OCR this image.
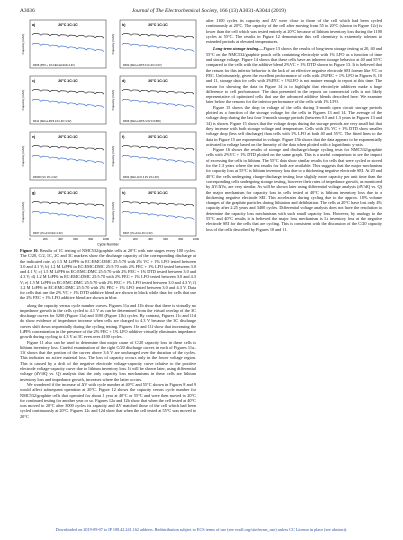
A3036	Journal of The Electrochemical Society, 166 (13) A3031-A3044 (2019)
Capacity (mAh)
20°C 1C:1C
a)
RF06 (PP2 + 1% FEC-ELSCE 4.3V)
Capacity (mAh)
20°C 1C:1C
b)
RF02 (FEC+LiPF6 1% LFO 2.6V)
Capacity (mAh)
20°C 1C:1C
c)
RF11 (FEC+LiPF6 1% LFO 4.3V)
Capacity (mAh)
20°C 1C:1C
d)
RF06 (FEC+LiPF6 4.3V 1% BW)
Capacity (mAh)
20°C 1C:1C
e)
RF000 (VC 1% 4.3V)
Capacity (mAh)
20°C 1C:1C
f)
RF04 (FEC-LFO 4.3V 1% LFO)
Capacity (mAh)
20°C 1C:1C
g)
RF07 (VC+1% FEC 4.3V)
0	200	400	600	800	1000
Capacity (mAh)
20°C 1C:1C
h)
RF07 (VC+1% LFO 4.3V)
0	200	400	600	800	1000
Cycle Number
Figure 10. Results of 1C testing of NMC532/graphite cells at 20°C with rate stages every 100 cycles. The C/20, C/2, 1C, 2C and 3C markers show the discharge capacity of the corresponding discharge at the indicated rate. a) 1.5 M LiPF6 in EC:EMC:DMC 25:5:70 with 2% VC + 1% LFO tested between 3.0 and 4.1 V; b) 1.2 M LiPF6 in EC:EMC:DMC 25:5:70 with 2% FEC + 1% LFO tested between 3.0 and 4.1 V; c) 1.5 M LiPF6 in EC:EMC:DMC 25:5:70 with 2% FEC + 1% DTD tested between 3.0 and 4.3 V; d) 1.2 M LiPF6 in EC:EMC:DMC 25:5:70 with 2% FEC + 1% LFO tested between 3.0 and 4.3 V; e) 1.5 M LiPF6 in EC:EMC:DMC 25:5:70 with 2% FEC + 1% LFO tested between 3.0 and 4.3 V; f) 1.2 M LiPF6 in EC:EMC:DMC 25:5:70 with 2% PEC + 1% LFO tested between 3.0 and 4.3 V. Data for cells that use the 2% VC + 1% DTD additive blend are shown in black while data for cells that use the 2% FEC + 1% LFO additive blend are shown in blue.

along the capacity versus cycle number curves. Figures 11a and 11b show that there is virtually no impedance growth in the cells cycled to 4.1 V as can be determined from the virtual overlap of the 3C discharge curves for 5200 (Figure 11a) and 3100 (Figure 11b) cycles. By contrast, Figures 11c and 11d do show evidence of impedance increase when cells are charged to 4.3 V because the 3C discharge curves shift down sequentially during the cycling testing. Figures 11e and 11f show that increasing the LiPF6 concentration in the presence of the 2% FEC + 1% LFO additive virtually eliminates impedance growth during cycling to 4.3 V at 3C even over 4100 cycles.

Figure 11 also can be used to determine that major cause of C/20 capacity loss in these cells is lithium inventory loss. Careful examination of the right C/20 discharge curves in each of Figures 11a–11f shows that the portion of the curves above 3.6 V are unchanged over the duration of the cycles. This indicates no active material loss. The loss of capacity occurs only in the lower voltage region. This is caused by a drift of the negative electrode voltage-capacity curve relative to the positive electrode voltage-capacity curve due to lithium inventory loss. It will be shown later, using differential voltage (dV/dQ vs. Q) analysis that the only capacity loss mechanisms in these cells are lithium inventory loss and impedance growth, increases where the latter occurs.

We wondered if the increase of ΔV with cycle number at 40°C and 55°C shown in Figures 8 and 9 would affect subsequent operation at 20°C. Figure 12 shows the capacity versus cycle number for NMC532/graphite cells that operated for about 1 year at 40°C or 55°C and were then moved to 20°C for continued testing for another year or so. Figures 12a and 12b show that when the cell tested at 40°C was moved to 20°C after 3000 cycles its capacity and ΔV matched those of the cell which had been cycled continuously at 20°C. Figures 12c and 12d show that when the cell tested at 55°C was moved to 20°C

after 1100 cycles its capacity and ΔV were close to those of the cell which had been cycled continuously at 20°C. The capacity of the cell after moving from 55 to 20°C (shown in Figure 12c) is lower than the cell which was tested entirely at 20°C because of lithium inventory loss during the 1100 cycles at 55°C. The results in Figure 12 demonstrate this cell chemistry is extremely tolerant to extended periods at elevated temperatures.

Long-term storage testing.—Figure 13 shows the results of long-term storage testing at 20, 40 and 55°C on the NMC532/graphite pouch cells containing electrolyte with 1% LFO as a function of time and storage voltage. Figure 14 shows that these cells have an inherent storage behavior at 40 and 55°C compared to the cells with the additive blend 2%VC + 1% DTD shown in Figure 13. It is believed that the reason for this inferior behavior is the lack of an effective negative electrode SEI former like VC or FEC. Unfortunately, given the excellent performance of cells with 2%FEC + 1% LFO in Figures 8, 10 and 11, storage data for cells with 2%FEC + 1%LFO is not mature enough to report at this time. The reason for showing the data in Figure 14 is to highlight that electrolyte additives make a huge difference to cell performance. The data presented in the reports on commercial cells is not likely representative of optimized cells that use the advanced additive blends described here. We examine later below the reasons for the inferior performance of the cells with 1% LFO.

Figure 15 shows the drop in voltage of the cells during 3-month open circuit storage periods plotted as a function of the storage voltage for the cells in Figures 13 and 14. The average of the voltage drop during the last four 3-month storage periods (between 0.5 and 1.3 years in Figures 13 and 14) is shown. Figure 15 shows that the voltage drops during the storage periods are very small but that they increase with both storage voltage and temperature. Cells with 2% VC + 1% DTD show smaller voltage drop (less self discharge) than cells with 1% LFO at both 40 and 55°C. The fitted lines to the data in Figure 15 are exponential in voltage. Figure 15b shows that the data appears to be exponentially activated in voltage based on the linearity of the data when plotted with a logarithmic y-axis.

Figure 16 shows the results of storage and discharge/charge cycling tests for NMC532/graphite cells with 2%VC + 1% DTD plotted on the same graph. This is a useful comparison to see the impact of excessing the cells in lithium. The 55°C data show similar results for cells that were cycled or stored for the 1.3 years where the test results for both are available. This suggests that the major mechanism for capacity loss at 55°C is lithium inventory loss due to a thickening negative electrode SEI. At 20 and 40°C the cells undergoing charge-discharge testing lose slightly more capacity per unit time than the corresponding cells undergoing storage testing, however their rates of impedance growth, as monitored by ΔV/ΔVo, are very similar. As will be shown later using differential voltage analysis (dV/dQ vs. Q) the major mechanism for capacity loss in cells tested at 40°C is lithium inventory loss due to a thickening negative electrode SEI. This accelerates during cycling due to the approx. 10% volume changes of the graphite particles during lithiation and delithiation. The cells at 20°C have lost only 4% capacity after 2.25 years and 3400 cycles. Differential voltage analysis does not have the resolution to determine the capacity loss mechanisms with such small capacity loss. However, by analogy to the 55°C and 40°C results it is believed the major loss mechanism is Li inventory loss at the negative electrode SEI for the cells that are cycling. This is consistent with the discussion of the C/20 capacity loss of the cells described by Figures 10 and 11.

Downloaded on 2019-09-07 to IP 108.42.241.162 address. Redistribution subject to ECS terms of use (see ecsdl.org/site/terms_use) unless CC License in place (see abstract).
